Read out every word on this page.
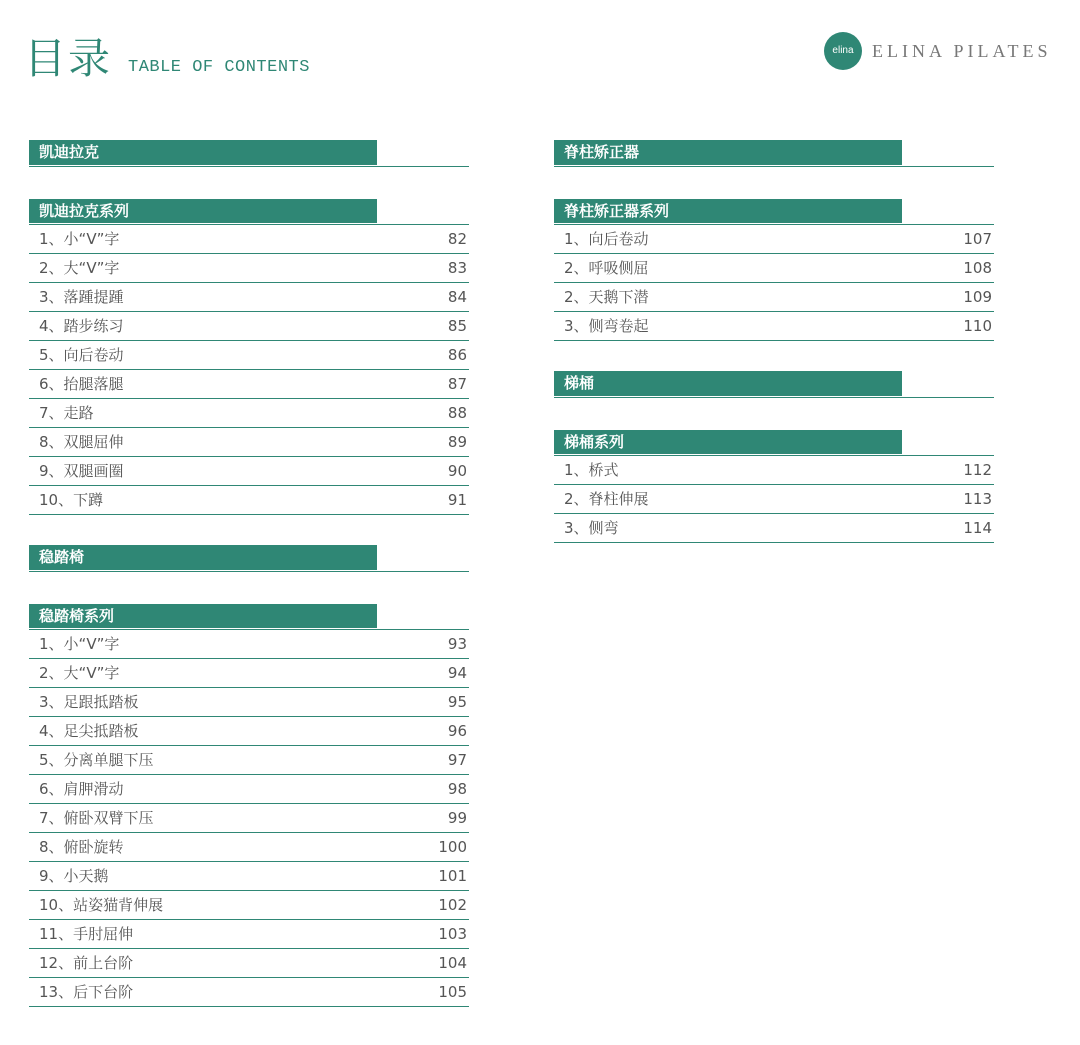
目录 TABLE OF CONTENTS
elina	ELINA PILATES
凯迪拉克
凯迪拉克系列
1、小“V”字	82
2、大“V”字	83
3、落踵提踵	84
4、踏步练习	85
5、向后卷动	86
6、抬腿落腿	87
7、走路	88
8、双腿屈伸	89
9、双腿画圈	90
10、下蹲	91
稳踏椅
稳踏椅系列
1、小“V”字	93
2、大“V”字	94
3、足跟抵踏板	95
4、足尖抵踏板	96
5、分离单腿下压	97
6、肩胛滑动	98
7、俯卧双臂下压	99
8、俯卧旋转	100
9、小天鹅	101
10、站姿猫背伸展	102
11、手肘屈伸	103
12、前上台阶	104
13、后下台阶	105
脊柱矫正器
脊柱矫正器系列
1、向后卷动	107
2、呼吸侧屈	108
2、天鹅下潜	109
3、侧弯卷起	110
梯桶
梯桶系列
1、桥式	112
2、脊柱伸展	113
3、侧弯	114
